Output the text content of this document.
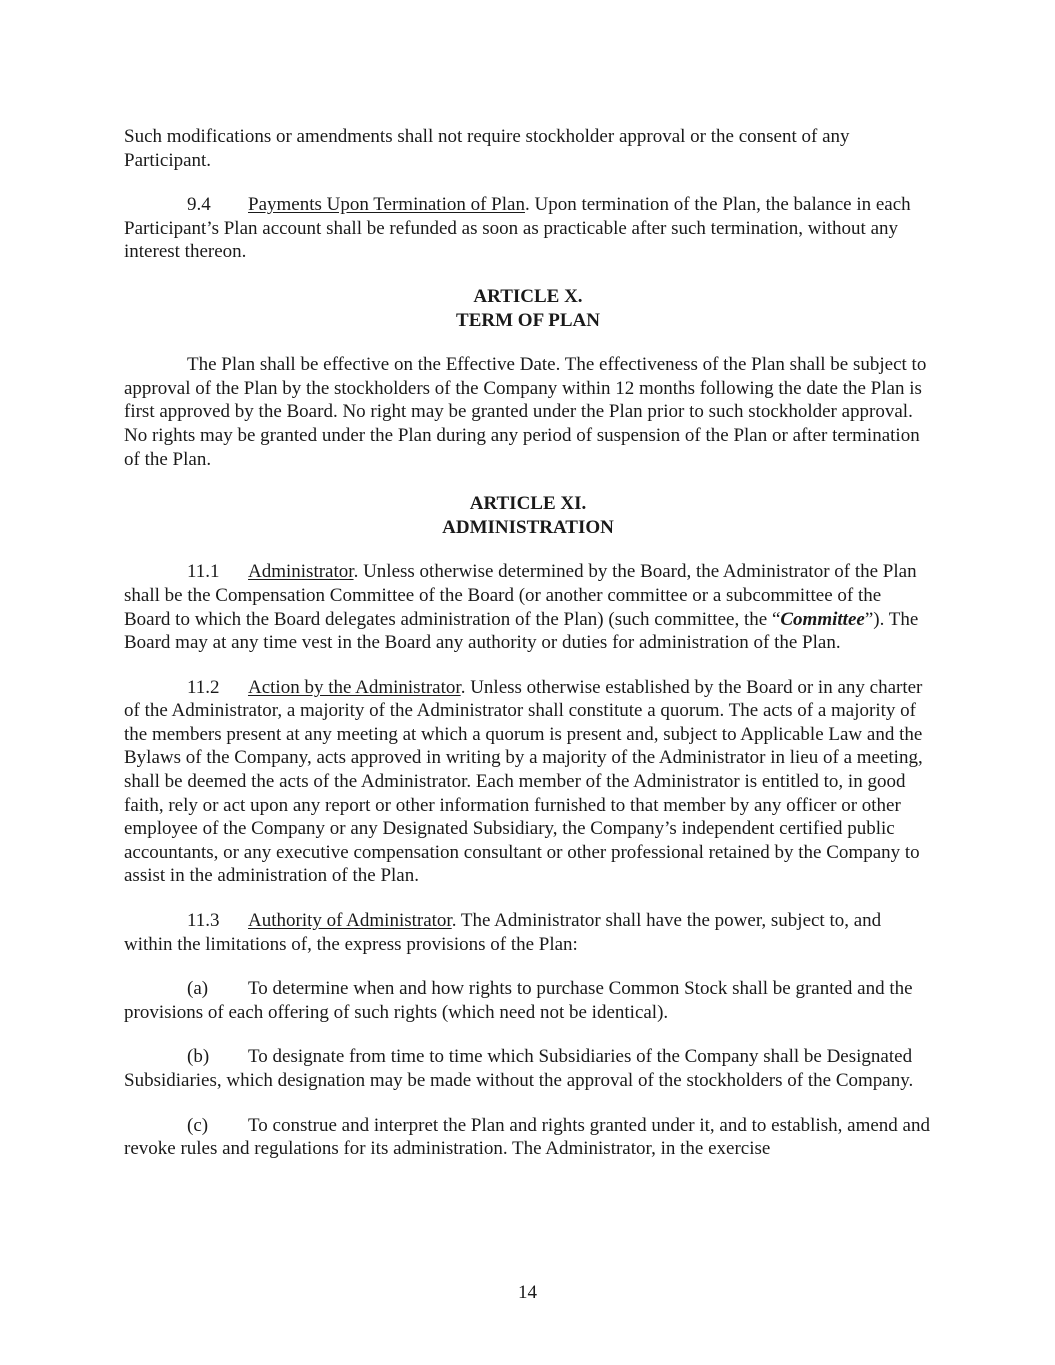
Such modifications or amendments shall not require stockholder approval or the consent of any Participant.

9.4 Payments Upon Termination of Plan. Upon termination of the Plan, the balance in each Participant’s Plan account shall be refunded as soon as practicable after such termination, without any interest thereon.

ARTICLE X.
TERM OF PLAN

The Plan shall be effective on the Effective Date. The effectiveness of the Plan shall be subject to approval of the Plan by the stockholders of the Company within 12 months following the date the Plan is first approved by the Board. No right may be granted under the Plan prior to such stockholder approval. No rights may be granted under the Plan during any period of suspension of the Plan or after termination of the Plan.

ARTICLE XI.
ADMINISTRATION

11.1 Administrator. Unless otherwise determined by the Board, the Administrator of the Plan shall be the Compensation Committee of the Board (or another committee or a subcommittee of the Board to which the Board delegates administration of the Plan) (such committee, the “Committee”). The Board may at any time vest in the Board any authority or duties for administration of the Plan.

11.2 Action by the Administrator. Unless otherwise established by the Board or in any charter of the Administrator, a majority of the Administrator shall constitute a quorum. The acts of a majority of the members present at any meeting at which a quorum is present and, subject to Applicable Law and the Bylaws of the Company, acts approved in writing by a majority of the Administrator in lieu of a meeting, shall be deemed the acts of the Administrator. Each member of the Administrator is entitled to, in good faith, rely or act upon any report or other information furnished to that member by any officer or other employee of the Company or any Designated Subsidiary, the Company’s independent certified public accountants, or any executive compensation consultant or other professional retained by the Company to assist in the administration of the Plan.

11.3 Authority of Administrator. The Administrator shall have the power, subject to, and within the limitations of, the express provisions of the Plan:

(a) To determine when and how rights to purchase Common Stock shall be granted and the provisions of each offering of such rights (which need not be identical).

(b) To designate from time to time which Subsidiaries of the Company shall be Designated Subsidiaries, which designation may be made without the approval of the stockholders of the Company.

(c) To construe and interpret the Plan and rights granted under it, and to establish, amend and revoke rules and regulations for its administration. The Administrator, in the exercise

14
